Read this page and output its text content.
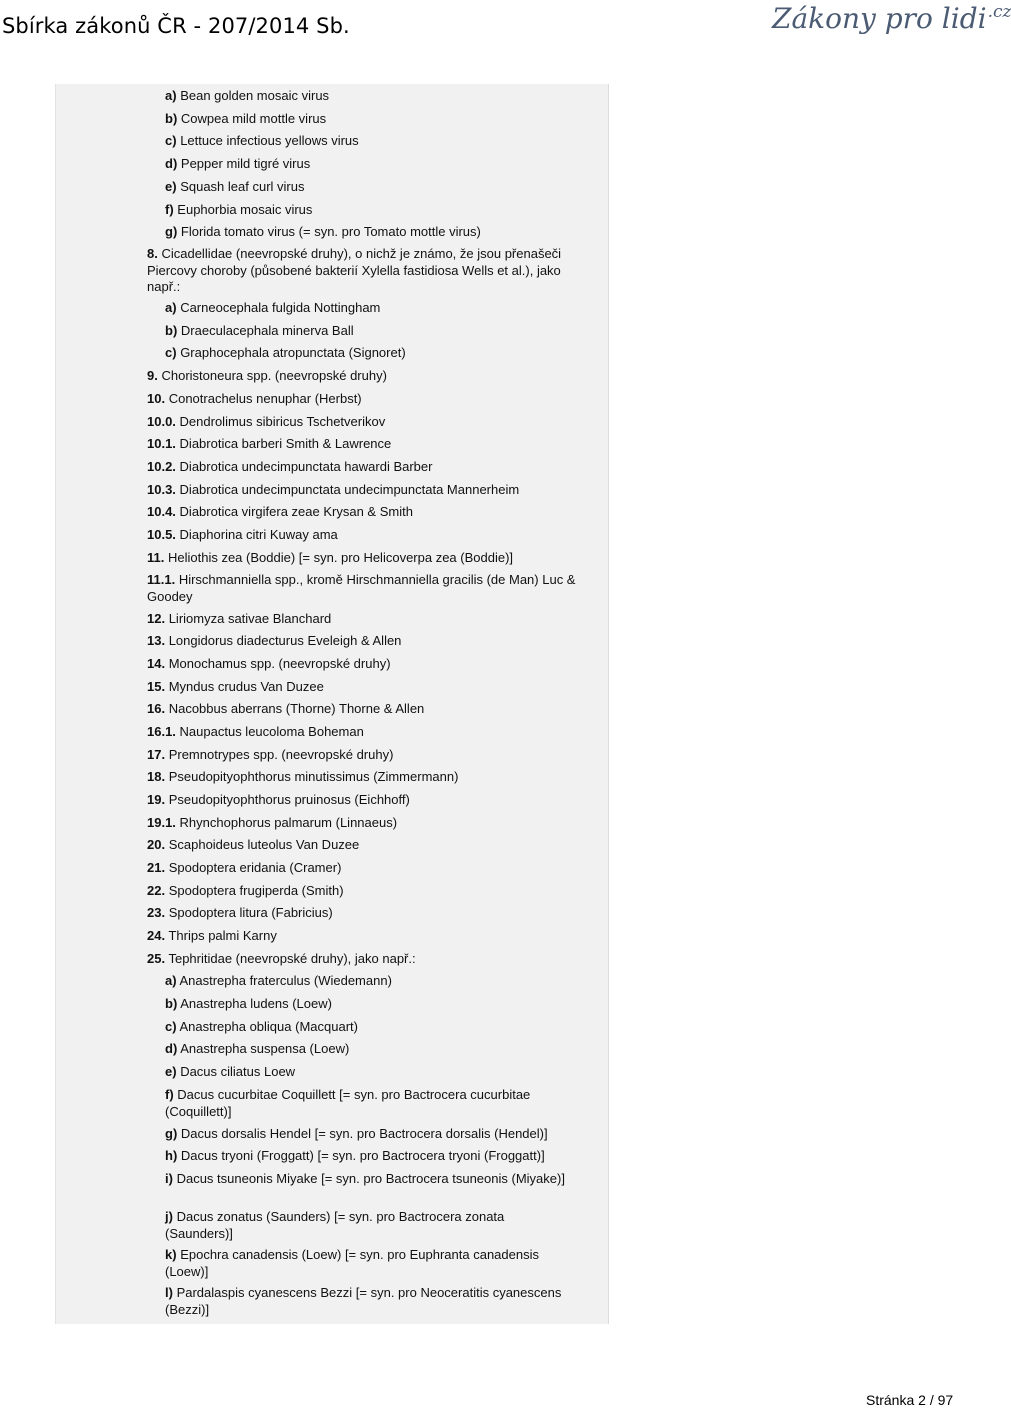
Sbírka zákonů ČR - 207/2014 Sb.	Zákony pro lidi$^{.cz}$
a) Bean golden mosaic virus
b) Cowpea mild mottle virus
c) Lettuce infectious yellows virus
d) Pepper mild tigré virus
e) Squash leaf curl virus
f) Euphorbia mosaic virus
g) Florida tomato virus (= syn. pro Tomato mottle virus)
8. Cicadellidae (neevropské druhy), o nichž je známo, že jsou přenašeči Piercovy choroby (působené bakterií Xylella fastidiosa Wells et al.), jako např.:
a) Carneocephala fulgida Nottingham
b) Draeculacephala minerva Ball
c) Graphocephala atropunctata (Signoret)
9. Choristoneura spp. (neevropské druhy)
10. Conotrachelus nenuphar (Herbst)
10.0. Dendrolimus sibiricus Tschetverikov
10.1. Diabrotica barberi Smith & Lawrence
10.2. Diabrotica undecimpunctata hawardi Barber
10.3. Diabrotica undecimpunctata undecimpunctata Mannerheim
10.4. Diabrotica virgifera zeae Krysan & Smith
10.5. Diaphorina citri Kuway ama
11. Heliothis zea (Boddie) [= syn. pro Helicoverpa zea (Boddie)]
11.1. Hirschmanniella spp., kromě Hirschmanniella gracilis (de Man) Luc & Goodey
12. Liriomyza sativae Blanchard
13. Longidorus diadecturus Eveleigh & Allen
14. Monochamus spp. (neevropské druhy)
15. Myndus crudus Van Duzee
16. Nacobbus aberrans (Thorne) Thorne & Allen
16.1. Naupactus leucoloma Boheman
17. Premnotrypes spp. (neevropské druhy)
18. Pseudopityophthorus minutissimus (Zimmermann)
19. Pseudopityophthorus pruinosus (Eichhoff)
19.1. Rhynchophorus palmarum (Linnaeus)
20. Scaphoideus luteolus Van Duzee
21. Spodoptera eridania (Cramer)
22. Spodoptera frugiperda (Smith)
23. Spodoptera litura (Fabricius)
24. Thrips palmi Karny
25. Tephritidae (neevropské druhy), jako např.:
a) Anastrepha fraterculus (Wiedemann)
b) Anastrepha ludens (Loew)
c) Anastrepha obliqua (Macquart)
d) Anastrepha suspensa (Loew)
e) Dacus ciliatus Loew
f) Dacus cucurbitae Coquillett [= syn. pro Bactrocera cucurbitae (Coquillett)]
g) Dacus dorsalis Hendel [= syn. pro Bactrocera dorsalis (Hendel)]
h) Dacus tryoni (Froggatt) [= syn. pro Bactrocera tryoni (Froggatt)]
i) Dacus tsuneonis Miyake [= syn. pro Bactrocera tsuneonis (Miyake)]
j) Dacus zonatus (Saunders) [= syn. pro Bactrocera zonata (Saunders)]
k) Epochra canadensis (Loew) [= syn. pro Euphranta canadensis (Loew)]
l) Pardalaspis cyanescens Bezzi [= syn. pro Neoceratitis cyanescens (Bezzi)]
Stránka 2 / 97
